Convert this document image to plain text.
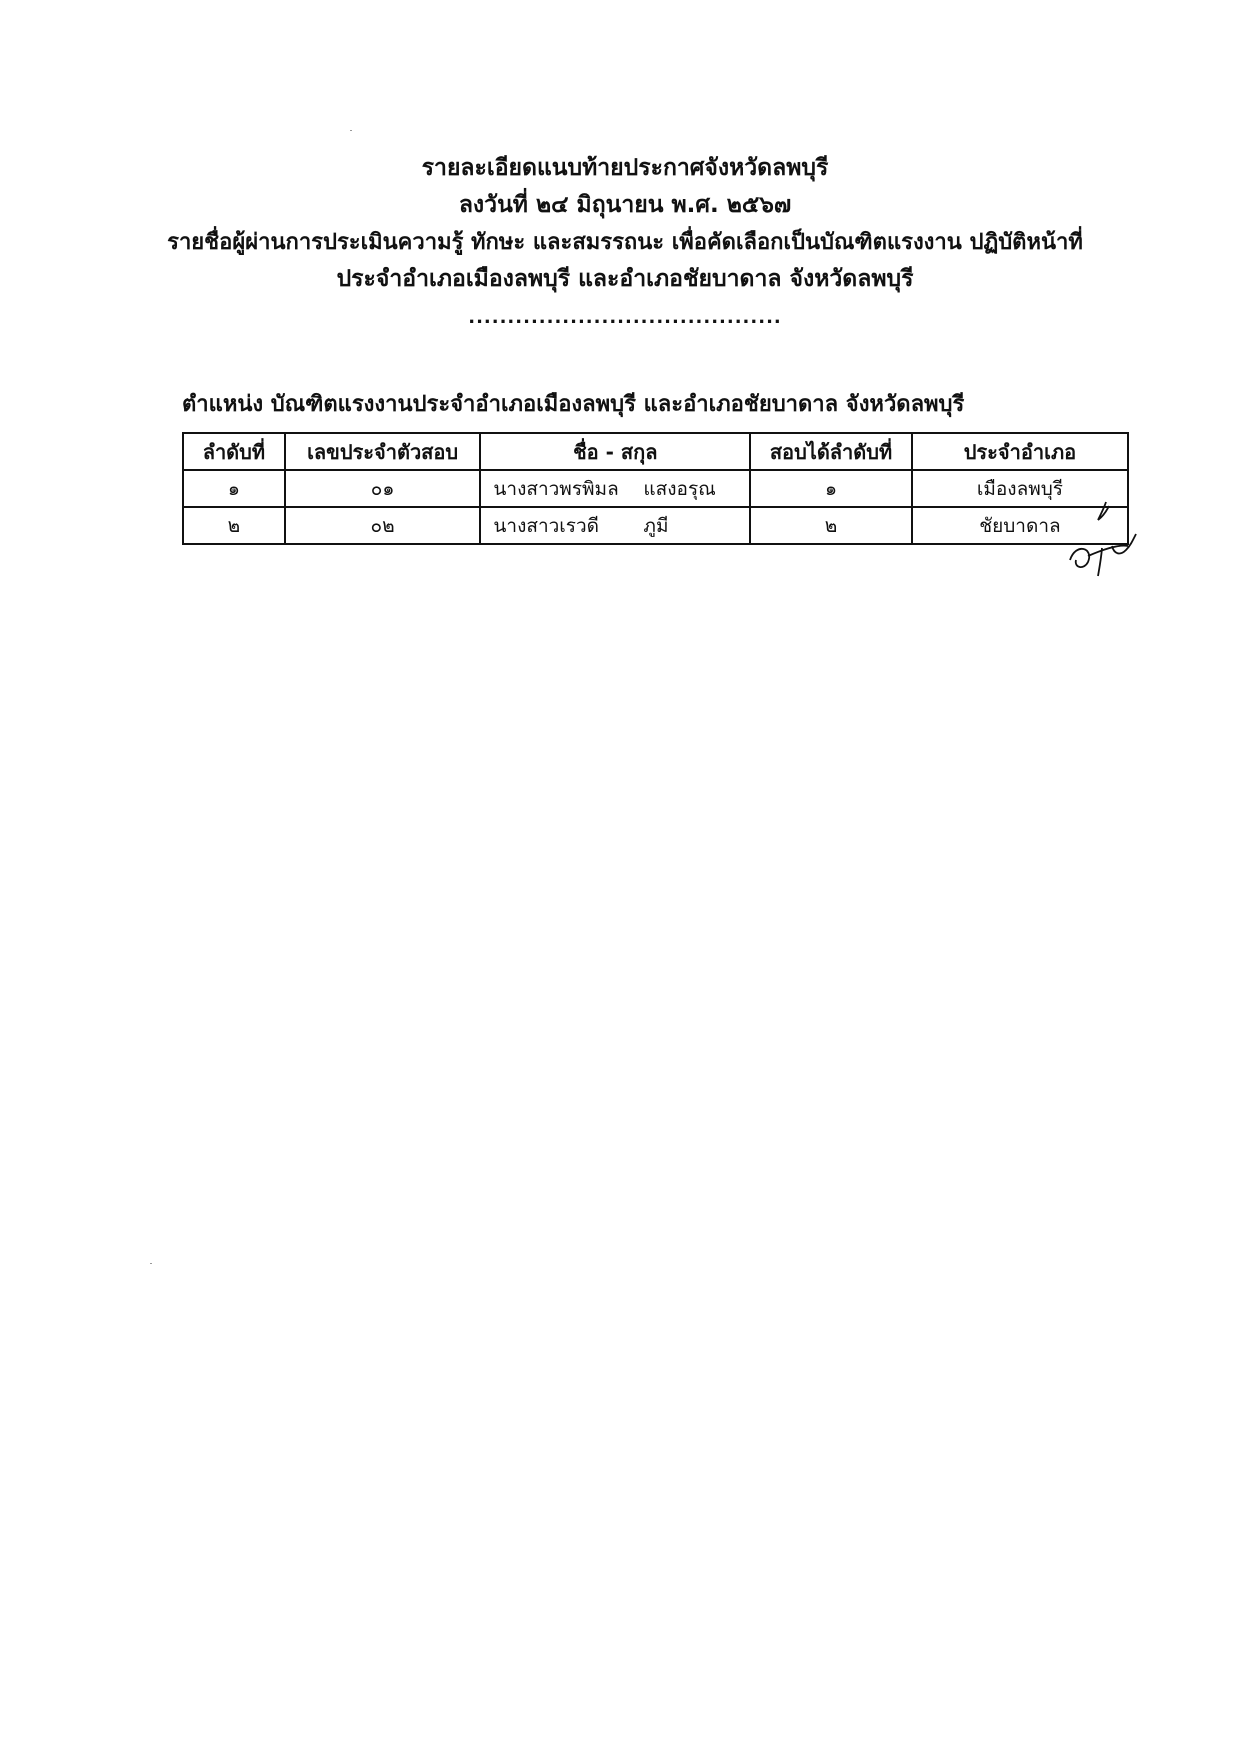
รายละเอียดแนบท้ายประกาศจังหวัดลพบุรี
ลงวันที่ ๒๔ มิถุนายน พ.ศ. ๒๕๖๗
รายชื่อผู้ผ่านการประเมินความรู้ ทักษะ และสมรรถนะ เพื่อคัดเลือกเป็นบัณฑิตแรงงาน ปฏิบัติหน้าที่
ประจำอำเภอเมืองลพบุรี และอำเภอชัยบาดาล จังหวัดลพบุรี
........................................
ตำแหน่ง บัณฑิตแรงงานประจำอำเภอเมืองลพบุรี และอำเภอชัยบาดาล จังหวัดลพบุรี
ลำดับที่	เลขประจำตัวสอบ	ชื่อ - สกุล	สอบได้ลำดับที่	ประจำอำเภอ
๑	๐๑	นางสาวพรพิมล แสงอรุณ	๑	เมืองลพบุรี
๒	๐๒	นางสาวเรวดี ภูมี	๒	ชัยบาดาล
